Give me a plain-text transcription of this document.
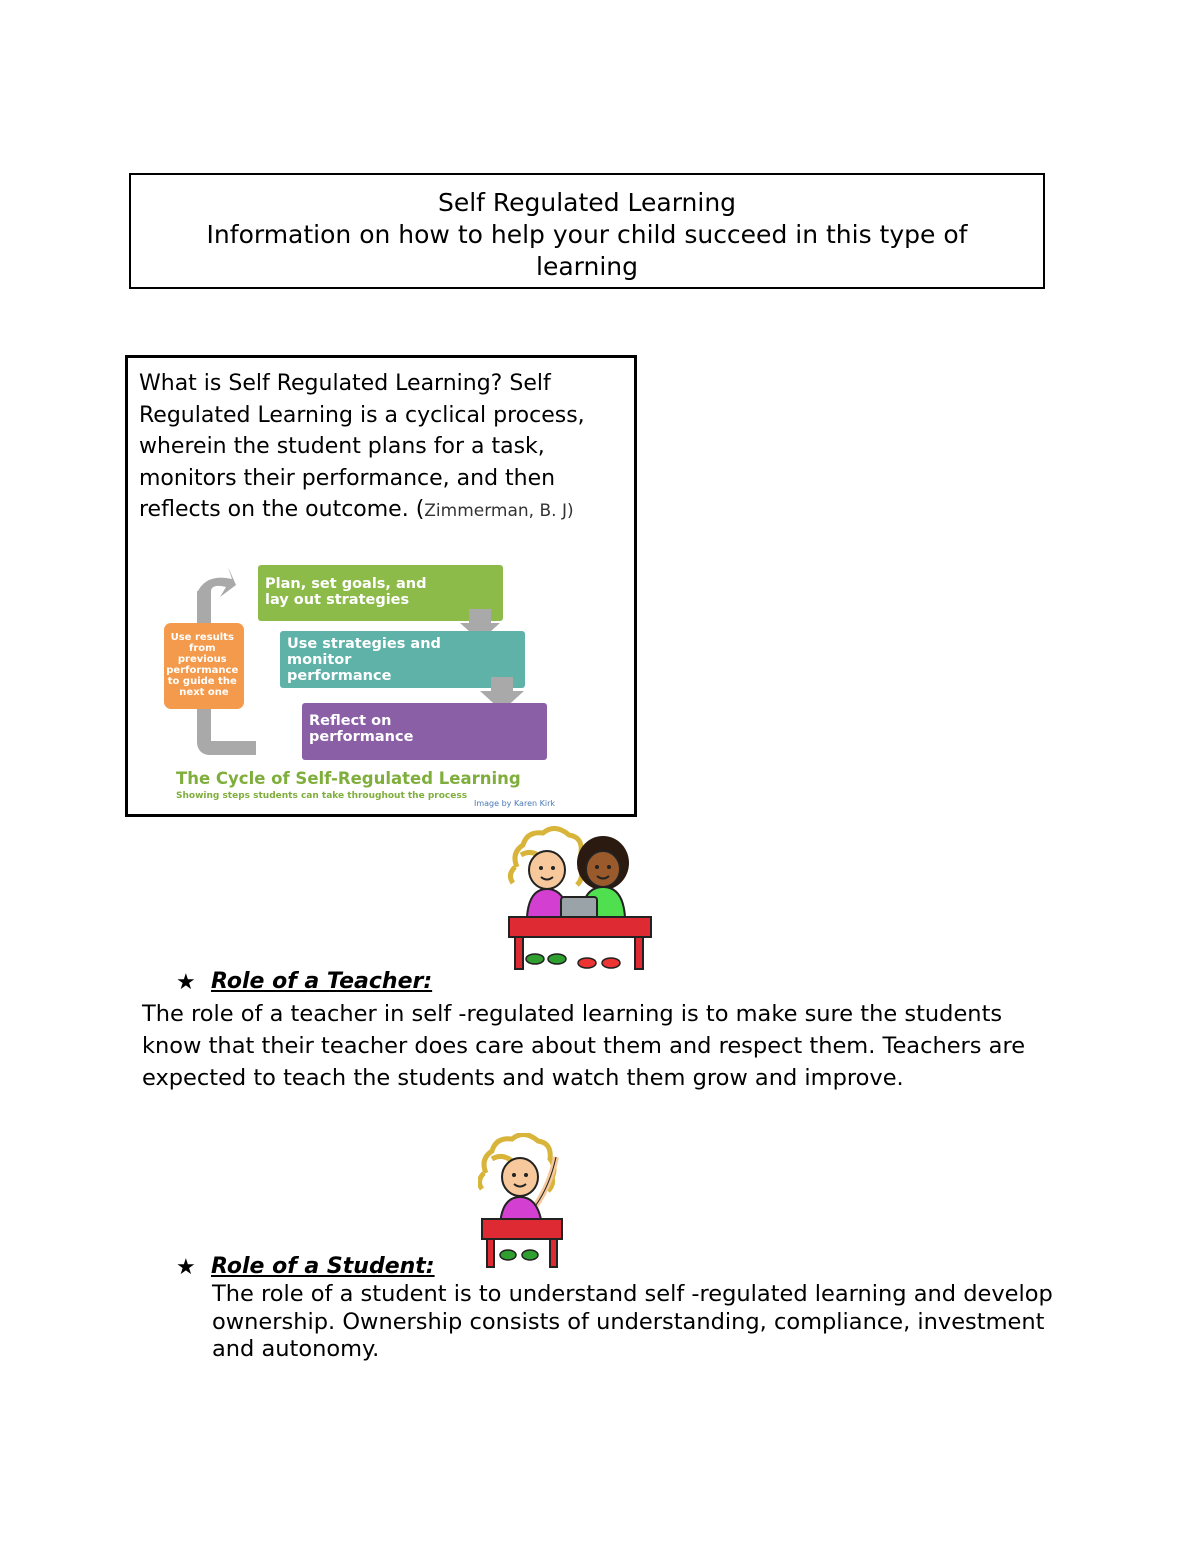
Self Regulated Learning
Information on how to help your child succeed in this type of
learning
What is Self Regulated Learning? Self Regulated Learning is a cyclical process, wherein the student plans for a task, monitors their performance, and then reflects on the outcome. (Zimmerman, B. J)
Plan, set goals, and lay out strategies
Use strategies and monitor performance
Reflect on performance
Use results from previous performance to guide the next one
The Cycle of Self-Regulated Learning
Showing steps students can take throughout the process
Image by Karen Kirk
★ Role of a Teacher:
The role of a teacher in self -regulated learning is to make sure the students know that their teacher does care about them and respect them. Teachers are expected to teach the students and watch them grow and improve.
★ Role of a Student:
The role of a student is to understand self -regulated learning and develop ownership. Ownership consists of understanding, compliance, investment and autonomy.
